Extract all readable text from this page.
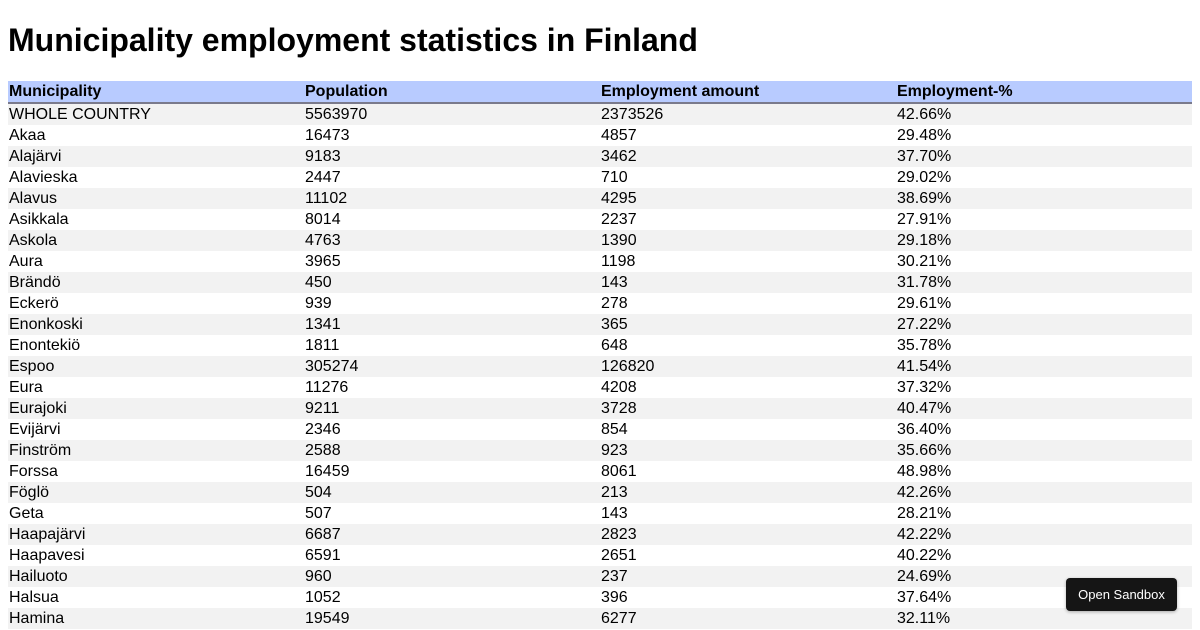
Municipality employment statistics in Finland
Municipality	Population	Employment amount	Employment-%
WHOLE COUNTRY	5563970	2373526	42.66%
Akaa	16473	4857	29.48%
Alajärvi	9183	3462	37.70%
Alavieska	2447	710	29.02%
Alavus	11102	4295	38.69%
Asikkala	8014	2237	27.91%
Askola	4763	1390	29.18%
Aura	3965	1198	30.21%
Brändö	450	143	31.78%
Eckerö	939	278	29.61%
Enonkoski	1341	365	27.22%
Enontekiö	1811	648	35.78%
Espoo	305274	126820	41.54%
Eura	11276	4208	37.32%
Eurajoki	9211	3728	40.47%
Evijärvi	2346	854	36.40%
Finström	2588	923	35.66%
Forssa	16459	8061	48.98%
Föglö	504	213	42.26%
Geta	507	143	28.21%
Haapajärvi	6687	2823	42.22%
Haapavesi	6591	2651	40.22%
Hailuoto	960	237	24.69%
Halsua	1052	396	37.64%
Hamina	19549	6277	32.11%
Open Sandbox
